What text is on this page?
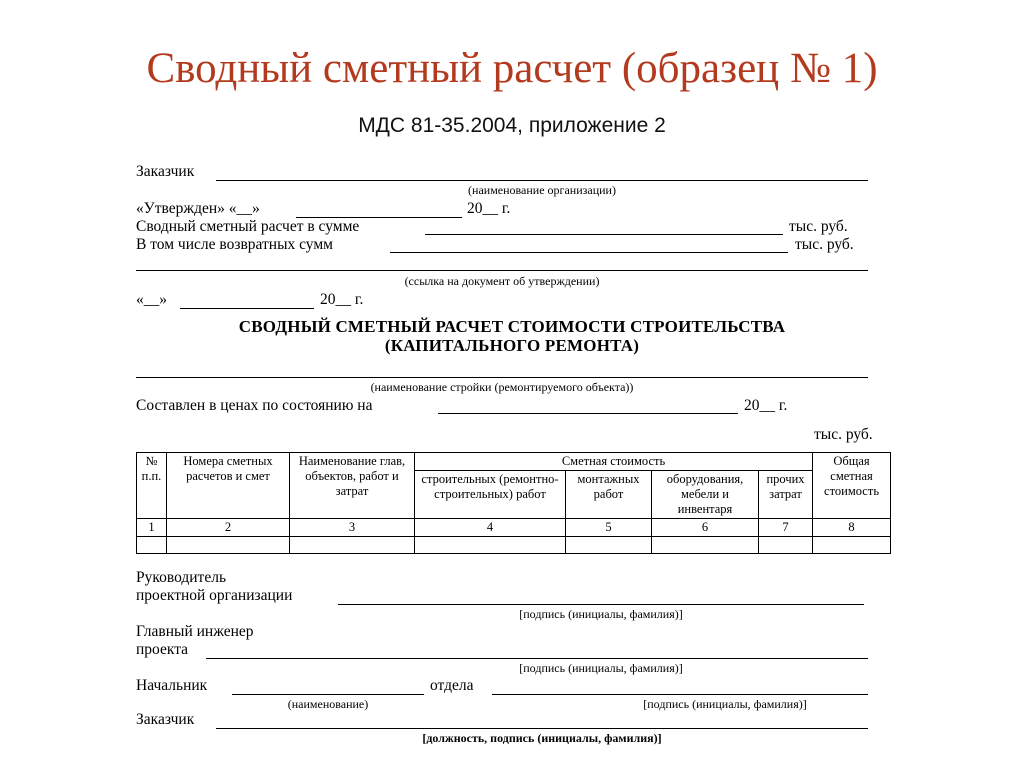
Сводный сметный расчет (образец № 1)
МДС 81-35.2004, приложение 2
Заказчик
(наименование организации)
«Утвержден» «__»	20__ г.
Сводный сметный расчет в сумме	тыс. руб.
В том числе возвратных сумм	тыс. руб.
(ссылка на документ об утверждении)
«__»	20__ г.
СВОДНЫЙ СМЕТНЫЙ РАСЧЕТ СТОИМОСТИ СТРОИТЕЛЬСТВА
(КАПИТАЛЬНОГО РЕМОНТА)
(наименование стройки (ремонтируемого объекта))
Составлен в ценах по состоянию на	20__ г.
тыс. руб.
№ п.п.	Номера сметных расчетов и смет	Наименование глав, объектов, работ и затрат	Сметная стоимость				Общая сметная стоимость
			строительных (ремонтно-строительных) работ	монтажных работ	оборудования, мебели и инвентаря	прочих затрат	
1	2	3	4	5	6	7	8

Руководитель
проектной организации
[подпись (инициалы, фамилия)]
Главный инженер
проекта
[подпись (инициалы, фамилия)]
Начальник	отдела
(наименование)	[подпись (инициалы, фамилия)]
Заказчик
[должность, подпись (инициалы, фамилия)]
